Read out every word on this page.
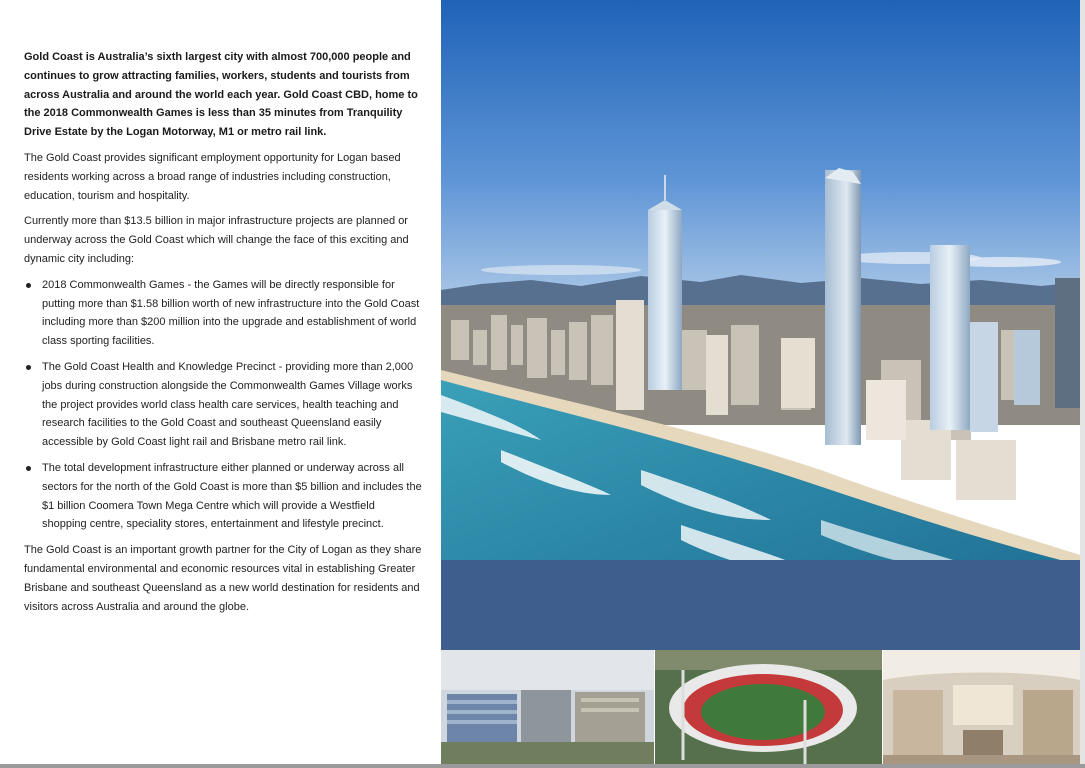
Gold Coast is Australia’s sixth largest city with almost 700,000 people and continues to grow attracting families, workers, students and tourists from across Australia and around the world each year. Gold Coast CBD, home to the 2018 Commonwealth Games is less than 35 minutes from Tranquility Drive Estate by the Logan Motorway, M1 or metro rail link.

The Gold Coast provides significant employment opportunity for Logan based residents working across a broad range of industries including construction, education, tourism and hospitality.

Currently more than $13.5 billion in major infrastructure projects are planned or underway across the Gold Coast which will change the face of this exciting and dynamic city including:

2018 Commonwealth Games - the Games will be directly responsible for putting more than $1.58 billion worth of new infrastructure into the Gold Coast including more than $200 million into the upgrade and establishment of world class sporting facilities.
The Gold Coast Health and Knowledge Precinct - providing more than 2,000 jobs during construction alongside the Commonwealth Games Village works the project provides world class health care services, health teaching and research facilities to the Gold Coast and southeast Queensland easily accessible by Gold Coast light rail and Brisbane metro rail link.
The total development infrastructure either planned or underway across all sectors for the north of the Gold Coast is more than $5 billion and includes the $1 billion Coomera Town Mega Centre which will provide a Westfield shopping centre, speciality stores, entertainment and lifestyle precinct.

The Gold Coast is an important growth partner for the City of Logan as they share fundamental environmental and economic resources vital in establishing Greater Brisbane and southeast Queensland as a new world destination for residents and visitors across Australia and around the globe.
